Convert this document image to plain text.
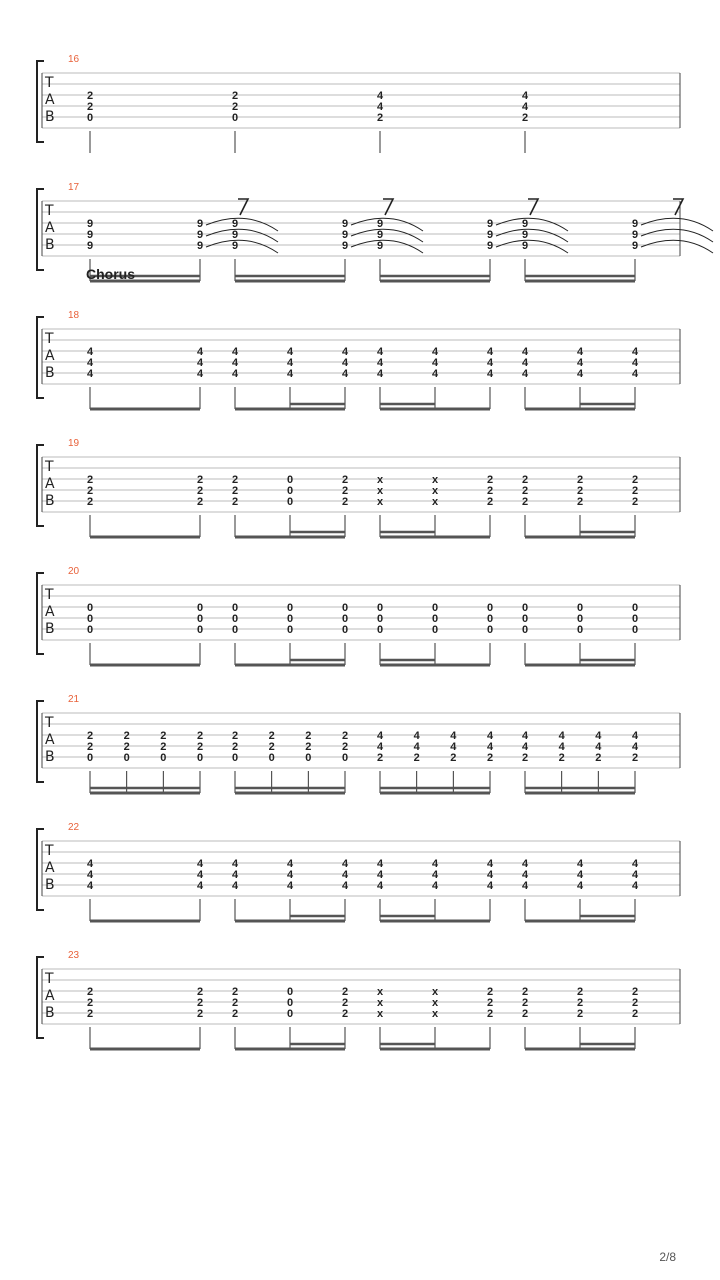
16
T
A
B
2
2
0
2
2
0
4
4
2
4
4
2
17
T
A
B
9
9
9
9
9
9
9
9
9
9
9
9
9
9
9
9
9
9
9
9
9
9
9
9
Chorus
18
T
A
B
4
4
4
4
4
4
4
4
4
4
4
4
4
4
4
4
4
4
4
4
4
4
4
4
4
4
4
4
4
4
4
4
4
19
T
A
B
2
2
2
2
2
2
2
2
2
0
0
0
2
2
2
x
x
x
x
x
x
2
2
2
2
2
2
2
2
2
2
2
2
20
T
A
B
0
0
0
0
0
0
0
0
0
0
0
0
0
0
0
0
0
0
0
0
0
0
0
0
0
0
0
0
0
0
0
0
0
21
T
A
B
2
2
0
2
2
0
2
2
0
2
2
0
2
2
0
2
2
0
2
2
0
2
2
0
4
4
2
4
4
2
4
4
2
4
4
2
4
4
2
4
4
2
4
4
2
4
4
2
22
T
A
B
4
4
4
4
4
4
4
4
4
4
4
4
4
4
4
4
4
4
4
4
4
4
4
4
4
4
4
4
4
4
4
4
4
23
T
A
B
2
2
2
2
2
2
2
2
2
0
0
0
2
2
2
x
x
x
x
x
x
2
2
2
2
2
2
2
2
2
2
2
2
2/8
